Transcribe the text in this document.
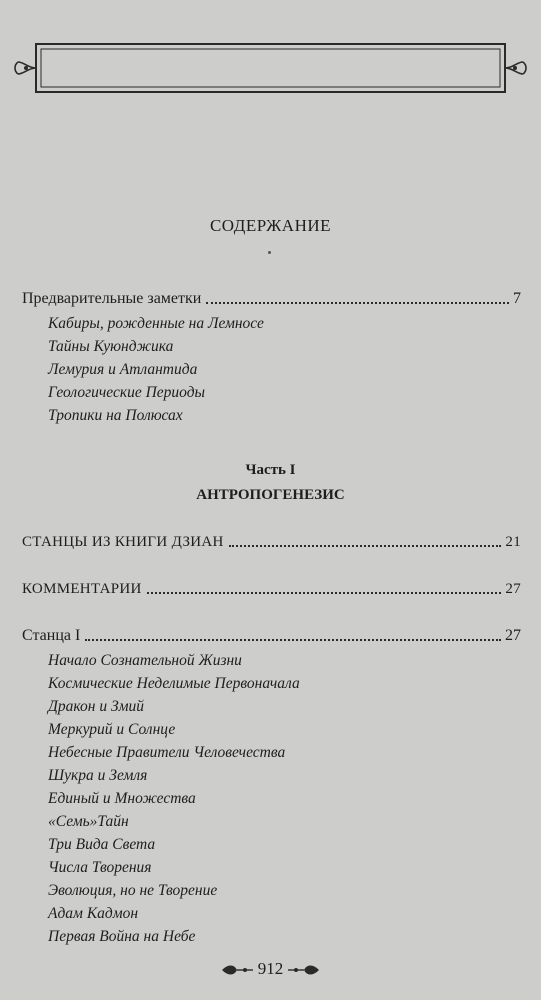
СОДЕРЖАНИЕ
Предварительные заметки	7
Кабиры, рожденные на Лемносе
Тайны Куюнджика
Лемурия и Атлантида
Геологические Периоды
Тропики на Полюсах
Часть I
АНТРОПОГЕНЕЗИС
СТАНЦЫ ИЗ КНИГИ ДЗИАН	21
КОММЕНТАРИИ	27
Станца I	27
Начало Сознательной Жизни
Космические Неделимые Первоначала
Дракон и Змий
Меркурий и Солнце
Небесные Правители Человечества
Шукра и Земля
Единый и Множества
«Семь»Тайн
Три Вида Света
Числа Творения
Эволюция, но не Творение
Адам Кадмон
Первая Война на Небе
912
